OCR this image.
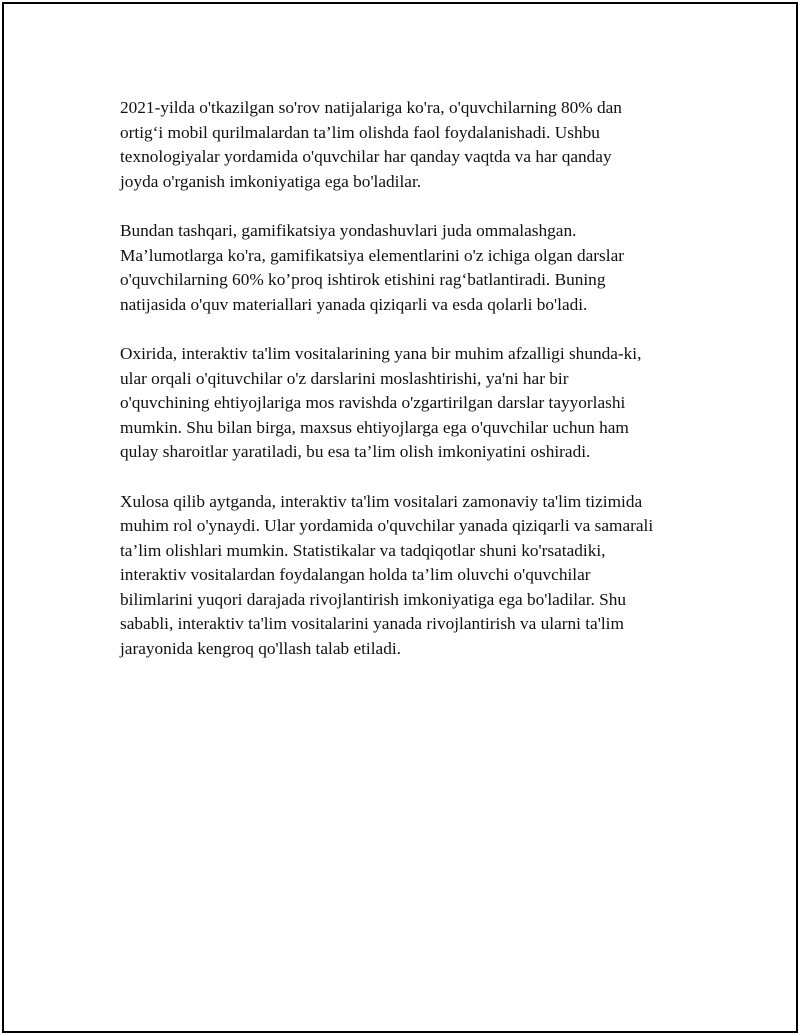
2021-yilda o'tkazilgan so'rov natijalariga ko'ra, o'quvchilarning 80% dan
ortig‘i mobil qurilmalardan ta’lim olishda faol foydalanishadi. Ushbu
texnologiyalar yordamida o'quvchilar har qanday vaqtda va har qanday
joyda o'rganish imkoniyatiga ega bo'ladilar.

Bundan tashqari, gamifikatsiya yondashuvlari juda ommalashgan.
Ma’lumotlarga ko'ra, gamifikatsiya elementlarini o'z ichiga olgan darslar
o'quvchilarning 60% ko’proq ishtirok etishini rag‘batlantiradi. Buning
natijasida o'quv materiallari yanada qiziqarli va esda qolarli bo'ladi.

Oxirida, interaktiv ta'lim vositalarining yana bir muhim afzalligi shunda-ki,
ular orqali o'qituvchilar o'z darslarini moslashtirishi, ya'ni har bir
o'quvchining ehtiyojlariga mos ravishda o'zgartirilgan darslar tayyorlashi
mumkin. Shu bilan birga, maxsus ehtiyojlarga ega o'quvchilar uchun ham
qulay sharoitlar yaratiladi, bu esa ta’lim olish imkoniyatini oshiradi.

Xulosa qilib aytganda, interaktiv ta'lim vositalari zamonaviy ta'lim tizimida
muhim rol o'ynaydi. Ular yordamida o'quvchilar yanada qiziqarli va samarali
ta’lim olishlari mumkin. Statistikalar va tadqiqotlar shuni ko'rsatadiki,
interaktiv vositalardan foydalangan holda ta’lim oluvchi o'quvchilar
bilimlarini yuqori darajada rivojlantirish imkoniyatiga ega bo'ladilar. Shu
sababli, interaktiv ta'lim vositalarini yanada rivojlantirish va ularni ta'lim
jarayonida kengroq qo'llash talab etiladi.
